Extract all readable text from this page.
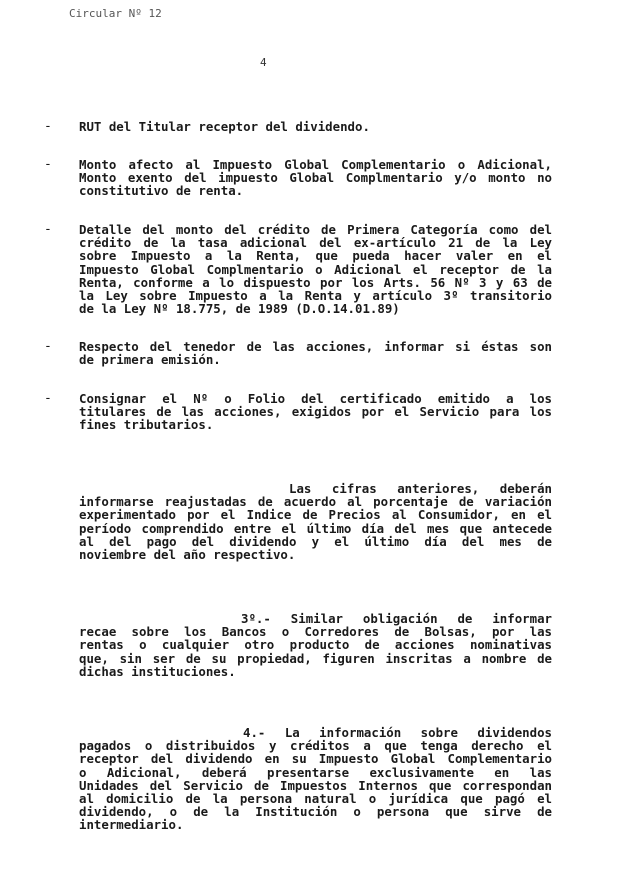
Circular Nº 12
4
- RUT del Titular receptor del dividendo.
- Monto afecto al Impuesto Global Complementario o Adicional,
Monto exento del impuesto Global Complmentario y/o monto no
constitutivo de renta.
- Detalle del monto del crédito de Primera Categoría como del
crédito de la tasa adicional del ex-artículo 21 de la Ley
sobre Impuesto a la Renta, que pueda hacer valer en el
Impuesto Global Complmentario o Adicional el receptor de la
Renta, conforme a lo dispuesto por los Arts. 56 Nº 3 y 63 de
la Ley sobre Impuesto a la Renta y artículo 3º transitorio
de la Ley Nº 18.775, de 1989 (D.O.14.01.89)
- Respecto del tenedor de las acciones, informar si éstas son
de primera emisión.
- Consignar el Nº o Folio del certificado emitido a los
titulares de las acciones, exigidos por el Servicio para los
fines tributarios.
Las cifras anteriores, deberán
informarse reajustadas de acuerdo al porcentaje de variación
experimentado por el Indice de Precios al Consumidor, en el
período comprendido entre el último día del mes que antecede
al del pago del dividendo y el último día del mes de
noviembre del año respectivo.
3º.- Similar obligación de informar
recae sobre los Bancos o Corredores de Bolsas, por las
rentas o cualquier otro producto de acciones nominativas
que, sin ser de su propiedad, figuren inscritas a nombre de
dichas instituciones.
4.- La información sobre dividendos
pagados o distribuidos y créditos a que tenga derecho el
receptor del dividendo en su Impuesto Global Complementario
o Adicional, deberá presentarse exclusivamente en las
Unidades del Servicio de Impuestos Internos que correspondan
al domicilio de la persona natural o jurídica que pagó el
dividendo, o de la Institución o persona que sirve de
intermediario.
